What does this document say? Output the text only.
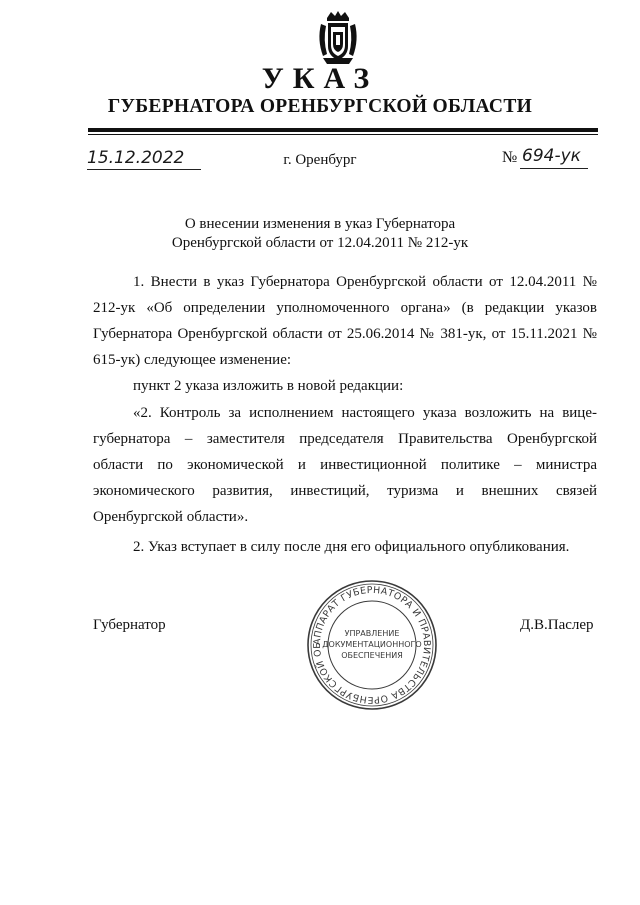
УКАЗ
ГУБЕРНАТОРА ОРЕНБУРГСКОЙ ОБЛАСТИ
15.12.2022	г. Оренбург	№ 694-ук
О внесении изменения в указ Губернатора
Оренбургской области от 12.04.2011 № 212-ук
1. Внести в указ Губернатора Оренбургской области от 12.04.2011 № 212-ук «Об определении уполномоченного органа» (в редакции указов Губернатора Оренбургской области от 25.06.2014 № 381-ук, от 15.11.2021 № 615-ук) следующее изменение:
пункт 2 указа изложить в новой редакции:
«2. Контроль за исполнением настоящего указа возложить на вице-губернатора – заместителя председателя Правительства Оренбургской области по экономической и инвестиционной политике – министра экономического развития, инвестиций, туризма и внешних связей Оренбургской области».
2. Указ вступает в силу после дня его официального опубликования.
Губернатор	Д.В.Паслер
АППАРАТ ГУБЕРНАТОРА И ПРАВИТЕЛЬСТВА ОРЕНБУРГСКОЙ ОБ
УПРАВЛЕНИЕ
ДОКУМЕНТАЦИОННОГО
ОБЕСПЕЧЕНИЯ
